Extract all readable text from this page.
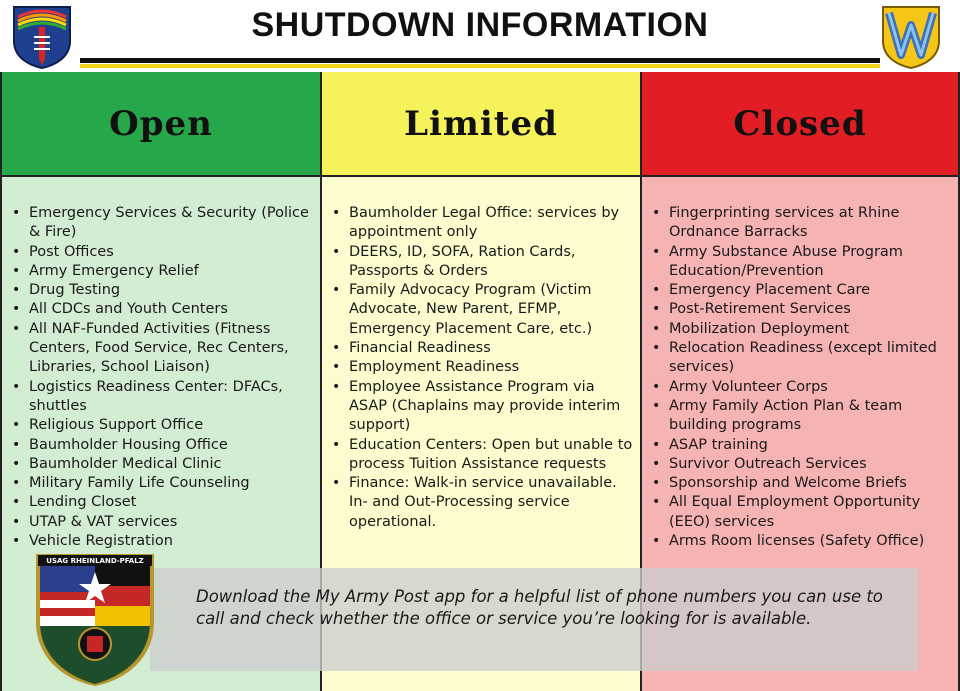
SHUTDOWN INFORMATION
Open
• Emergency Services & Security (Police & Fire)
• Post Offices
• Army Emergency Relief
• Drug Testing
• All CDCs and Youth Centers
• All NAF-Funded Activities (Fitness Centers, Food Service, Rec Centers, Libraries, School Liaison)
• Logistics Readiness Center: DFACs, shuttles
• Religious Support Office
• Baumholder Housing Office
• Baumholder Medical Clinic
• Military Family Life Counseling
• Lending Closet
• UTAP & VAT services
• Vehicle Registration
Limited
• Baumholder Legal Office: services by appointment only
• DEERS, ID, SOFA, Ration Cards, Passports & Orders
• Family Advocacy Program (Victim Advocate, New Parent, EFMP, Emergency Placement Care, etc.)
• Financial Readiness
• Employment Readiness
• Employee Assistance Program via ASAP (Chaplains may provide interim support)
• Education Centers: Open but unable to process Tuition Assistance requests
• Finance: Walk-in service unavailable. In- and Out-Processing service operational.
Closed
• Fingerprinting services at Rhine Ordnance Barracks
• Army Substance Abuse Program Education/Prevention
• Emergency Placement Care
• Post-Retirement Services
• Mobilization Deployment
• Relocation Readiness (except limited services)
• Army Volunteer Corps
• Army Family Action Plan & team building programs
• ASAP training
• Survivor Outreach Services
• Sponsorship and Welcome Briefs
• All Equal Employment Opportunity (EEO) services
• Arms Room licenses (Safety Office)
Download the My Army Post app for a helpful list of phone numbers you can use to call and check whether the office or service you’re looking for is available.
USAG RHEINLAND-PFALZ
